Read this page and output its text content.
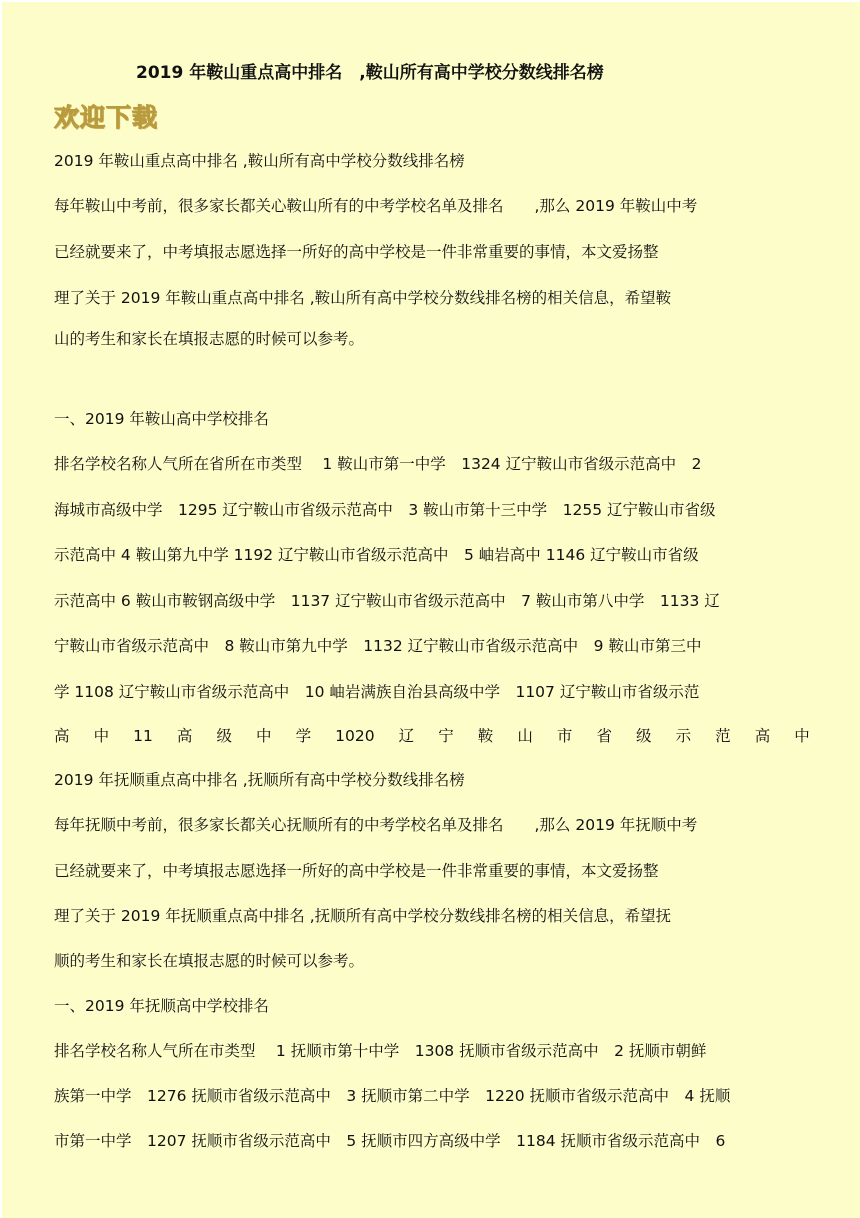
2019 年鞍山重点高中排名　,鞍山所有高中学校分数线排名榜
欢迎下载
2019 年鞍山重点高中排名 ,鞍山所有高中学校分数线排名榜
每年鞍山中考前，很多家长都关心鞍山所有的中考学校名单及排名　　,那么 2019 年鞍山中考
已经就要来了，中考填报志愿选择一所好的高中学校是一件非常重要的事情，本文爱扬整
理了关于 2019 年鞍山重点高中排名 ,鞍山所有高中学校分数线排名榜的相关信息，希望鞍
山的考生和家长在填报志愿的时候可以参考。
一、2019 年鞍山高中学校排名
排名学校名称人气所在省所在市类型　 1 鞍山市第一中学　1324 辽宁鞍山市省级示范高中　2
海城市高级中学　1295 辽宁鞍山市省级示范高中　3 鞍山市第十三中学　1255 辽宁鞍山市省级
示范高中 4 鞍山第九中学 1192 辽宁鞍山市省级示范高中　5 岫岩高中 1146 辽宁鞍山市省级
示范高中 6 鞍山市鞍钢高级中学　1137 辽宁鞍山市省级示范高中　7 鞍山市第八中学　1133 辽
宁鞍山市省级示范高中　8 鞍山市第九中学　1132 辽宁鞍山市省级示范高中　9 鞍山市第三中
学 1108 辽宁鞍山市省级示范高中　10 岫岩满族自治县高级中学　1107 辽宁鞍山市省级示范
高 中 11 高 级 中 学 1020 辽 宁 鞍 山 市 省 级 示 范 高 中
2019 年抚顺重点高中排名 ,抚顺所有高中学校分数线排名榜
每年抚顺中考前，很多家长都关心抚顺所有的中考学校名单及排名　　,那么 2019 年抚顺中考
已经就要来了，中考填报志愿选择一所好的高中学校是一件非常重要的事情，本文爱扬整
理了关于 2019 年抚顺重点高中排名 ,抚顺所有高中学校分数线排名榜的相关信息，希望抚
顺的考生和家长在填报志愿的时候可以参考。
一、2019 年抚顺高中学校排名
排名学校名称人气所在市类型　 1 抚顺市第十中学　1308 抚顺市省级示范高中　2 抚顺市朝鲜
族第一中学　1276 抚顺市省级示范高中　3 抚顺市第二中学　1220 抚顺市省级示范高中　4 抚顺
市第一中学　1207 抚顺市省级示范高中　5 抚顺市四方高级中学　1184 抚顺市省级示范高中　6
